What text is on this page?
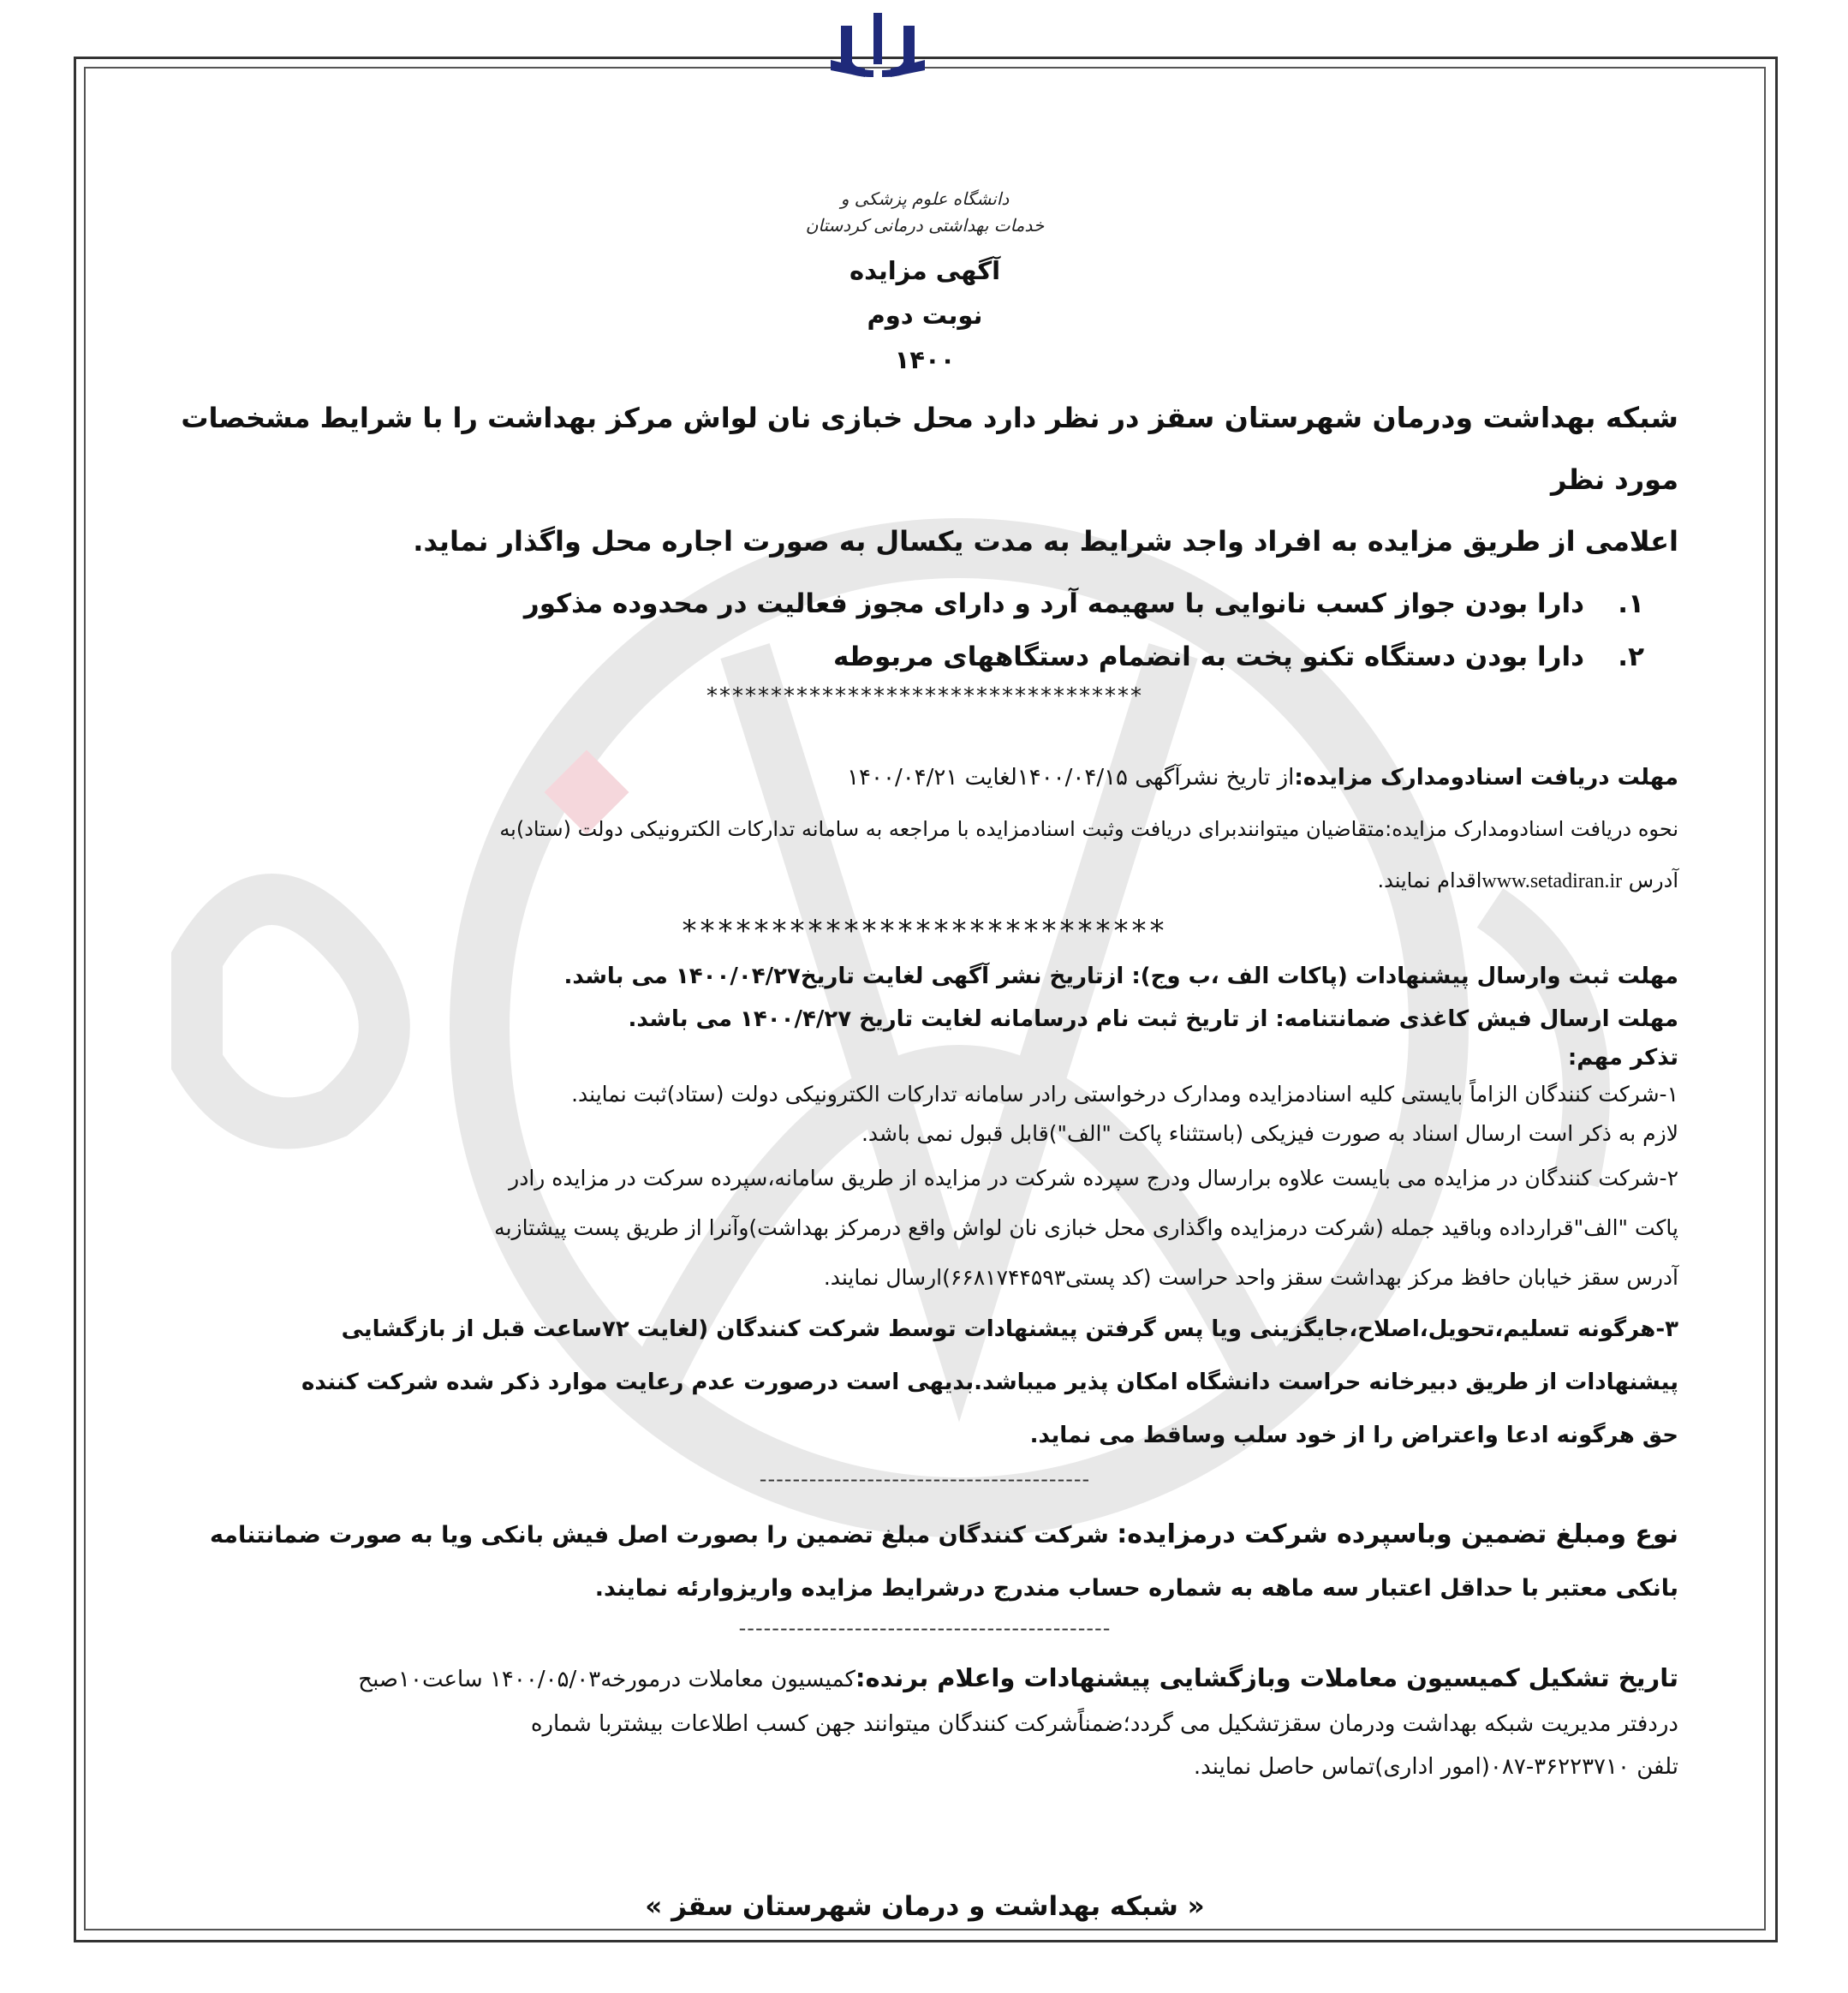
دانشگاه علوم پزشکی و
خدمات بهداشتی درمانی کردستان
آگهی مزایده
نوبت دوم
۱۴۰۰

شبکه بهداشت ودرمان شهرستان سقز در نظر دارد محل خبازی نان لواش مرکز بهداشت را با شرایط مشخصات مورد نظر

اعلامی از طریق مزایده به افراد واجد شرایط به مدت یکسال به صورت اجاره محل واگذار نماید.

۱.دارا بودن جواز کسب نانوایی با سهیمه آرد و دارای مجوز فعالیت در محدوده مذکور

۲.دارا بودن دستگاه تکنو پخت به انضمام دستگاههای مربوطه

**********************************

مهلت دریافت اسنادومدارک مزایده:از تاریخ نشرآگهی ۱۴۰۰/۰۴/۱۵لغایت ۱۴۰۰/۰۴/۲۱

نحوه دریافت اسنادومدارک مزایده:متقاضیان میتوانندبرای دریافت وثبت اسنادمزایده با مراجعه به سامانه تدارکات الکترونیکی دولت (ستاد)به

آدرس www.setadiran.irاقدام نمایند.

***************************

مهلت ثبت وارسال پیشنهادات (پاکات الف ،ب وج): ازتاریخ نشر آگهی لغایت تاریخ۱۴۰۰/۰۴/۲۷ می باشد.

مهلت ارسال فیش کاغذی ضمانتنامه: از تاریخ ثبت نام درسامانه لغایت تاریخ ۱۴۰۰/۴/۲۷ می باشد.

تذکر مهم:

۱-شرکت کنندگان الزاماً بایستی کلیه اسنادمزایده ومدارک درخواستی رادر سامانه تدارکات الکترونیکی دولت (ستاد)ثبت نمایند.

لازم به ذکر است ارسال اسناد به صورت فیزیکی (باستثناء پاکت "الف")قابل قبول نمی باشد.

۲-شرکت کنندگان در مزایده می بایست علاوه برارسال ودرج سپرده شرکت در مزایده از طریق سامانه،سپرده سرکت در مزایده رادر

پاکت "الف"قرارداده وباقید جمله (شرکت درمزایده واگذاری محل خبازی نان لواش واقع درمرکز بهداشت)وآنرا از طریق پست پیشتازبه

آدرس سقز خیابان حافظ مرکز بهداشت سقز واحد حراست (کد پستی۶۶۸۱۷۴۴۵۹۳)ارسال نمایند.

۳-هرگونه تسلیم،تحویل،اصلاح،جایگزینی ویا پس گرفتن پیشنهادات توسط شرکت کنندگان (لغایت ۷۲ساعت قبل از بازگشایی

پیشنهادات از طریق دبیرخانه حراست دانشگاه امکان پذیر میباشد.بدیهی است درصورت عدم رعایت موارد ذکر شده شرکت کننده

حق هرگونه ادعا واعتراض را از خود سلب وساقط می نماید.

----------------------------------------

نوع ومبلغ تضمین وباسپرده شرکت درمزایده: شرکت کنندگان مبلغ تضمین را بصورت اصل فیش بانکی ویا به صورت ضمانتنامه

بانکی معتبر با حداقل اعتبار سه ماهه به شماره حساب مندرج درشرایط مزایده واریزوارئه نمایند.

---------------------------------------------

تاریخ تشکیل کمیسیون معاملات وبازگشایی پیشنهادات واعلام برنده:کمیسیون معاملات درمورخه۱۴۰۰/۰۵/۰۳ ساعت۱۰صبح

دردفتر مدیریت شبکه بهداشت ودرمان سقزتشکیل می گردد؛ضمناًشرکت کنندگان میتوانند جهن کسب اطلاعات بیشتربا شماره

تلفن ۳۶۲۲۳۷۱۰-۰۸۷(امور اداری)تماس حاصل نمایند.

« شبکه بهداشت و درمان شهرستان سقز »
